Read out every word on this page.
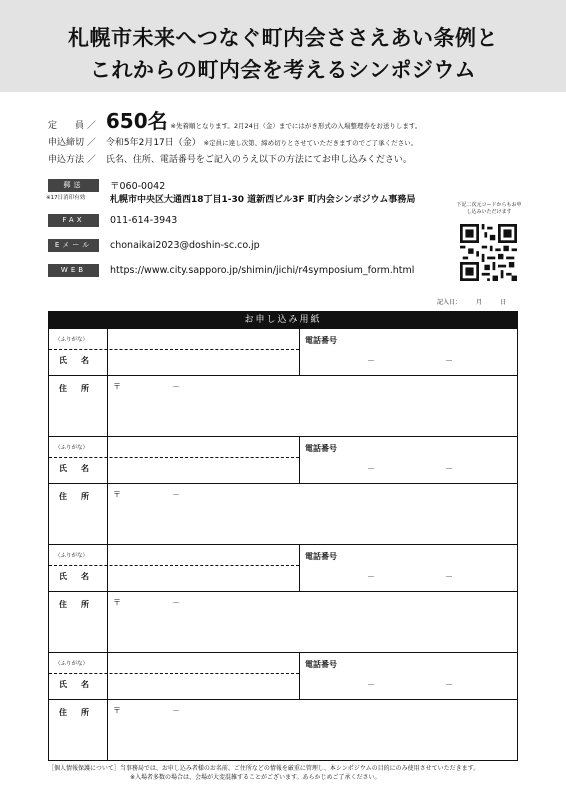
札幌市未来へつなぐ町内会ささえあい条例と
これからの町内会を考えるシンポジウム
定　　員 ／ 650名 ※先着順となります。2月24日（金）までにはがき形式の入場整理券をお送りします。
申込締切 ／ 令和5年2月17日（金） ※定員に達し次第、締め切りとさせていただきますのでご了承ください。
申込方法 ／ 氏名、住所、電話番号をご記入のうえ以下の方法にてお申し込みください。
郵送	〒060-0042
※17日消印有効	札幌市中央区大通西18丁目1-30 道新西ビル3F 町内会シンポジウム事務局
FAX	011-614-3943
Eメール	chonaikai2023@doshin-sc.co.jp
WEB	https://www.city.sapporo.jp/shimin/jichi/r4symposium_form.html
下記二次元コードからもお申し込みいただけます
記入日：　　　月　　　日
お申し込み用紙
（ふりがな）
氏名
電話番号
－	－
住所 〒	－
（ふりがな）
氏名
電話番号
－	－
住所 〒	－
（ふりがな）
氏名
電話番号
－	－
住所 〒	－
（ふりがな）
氏名
電話番号
－	－
住所 〒	－
［個人情報保護について］当事務局では、お申し込み者様のお名前、ご住所などの情報を厳重に管理し、本シンポジウムの目的にのみ使用させていただきます。
※入場者多数の場合は、会場が大変混雑することがございます。あらかじめご了承ください。
